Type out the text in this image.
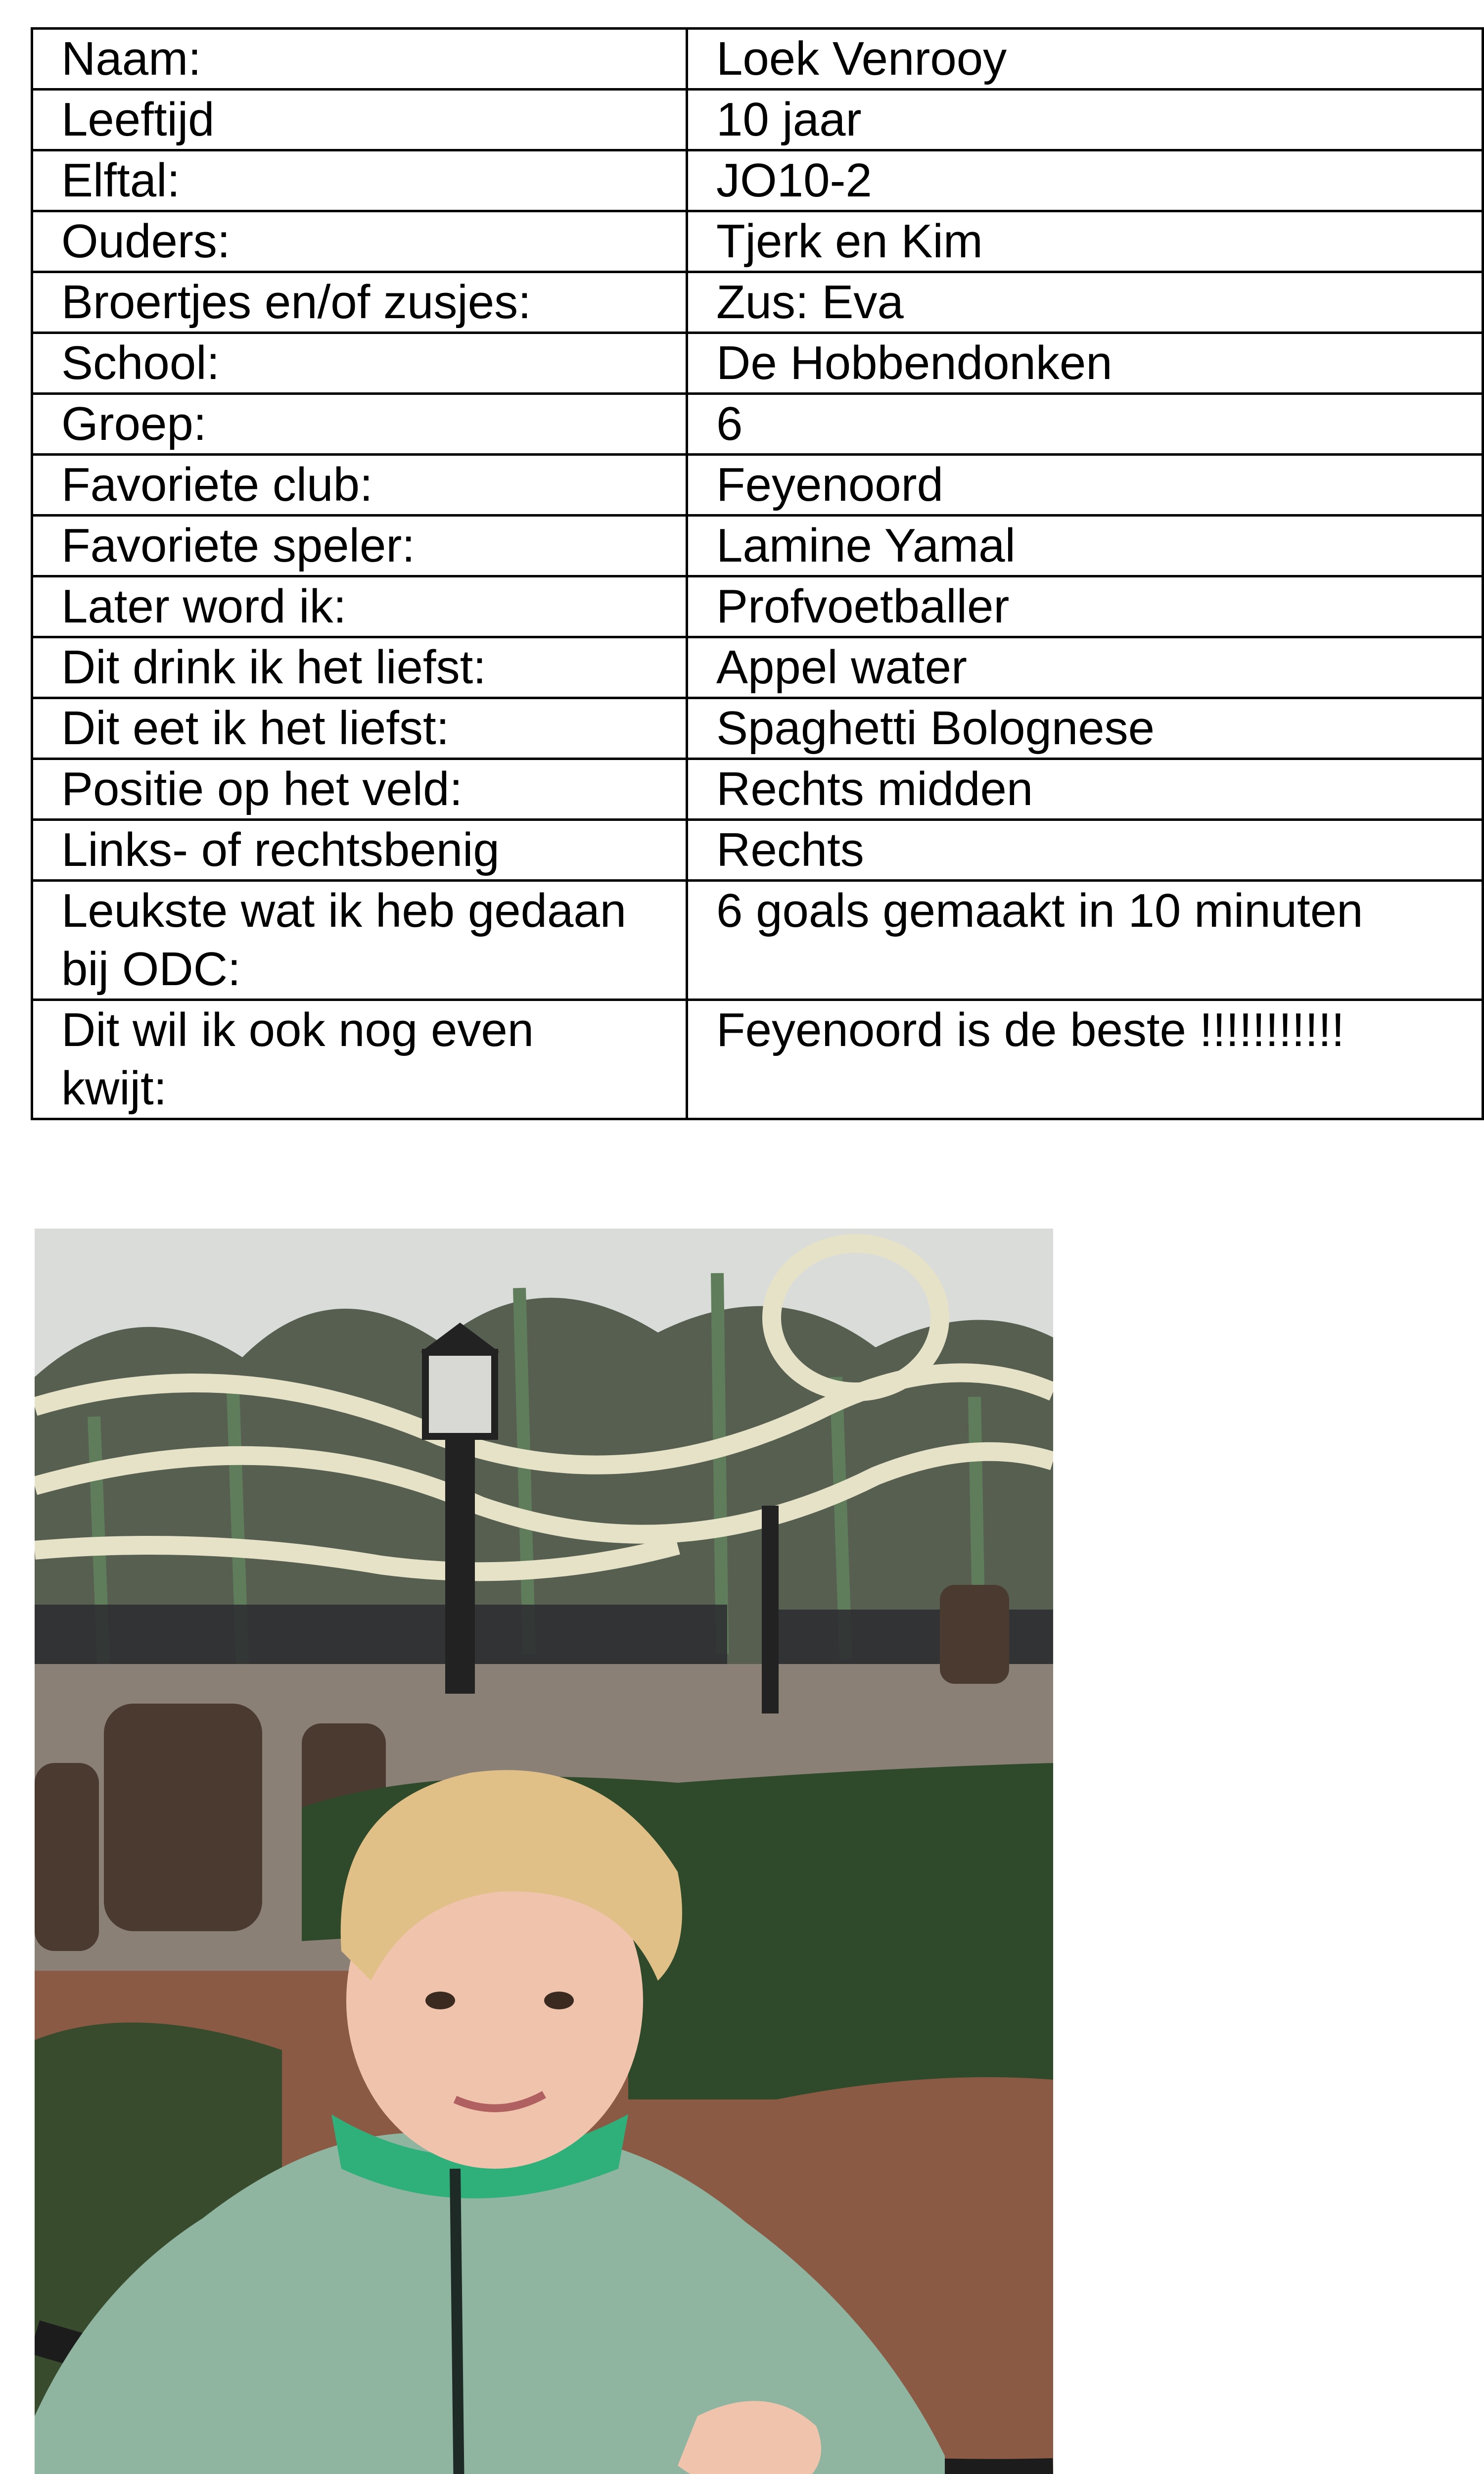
Naam:	Loek Venrooy
Leeftijd	10 jaar
Elftal:	JO10-2
Ouders:	Tjerk en Kim
Broertjes en/of zusjes:	Zus: Eva
School:	De Hobbendonken
Groep:	6
Favoriete club:	Feyenoord
Favoriete speler:	Lamine Yamal
Later word ik:	Profvoetballer
Dit drink ik het liefst:	Appel water
Dit eet ik het liefst:	Spaghetti Bolognese
Positie op het veld:	Rechts midden
Links- of rechtsbenig	Rechts
Leukste wat ik heb gedaan
bij ODC:	6 goals gemaakt in 10 minuten
Dit wil ik ook nog even
kwijt:	Feyenoord is de beste !!!!!!!!!!!
